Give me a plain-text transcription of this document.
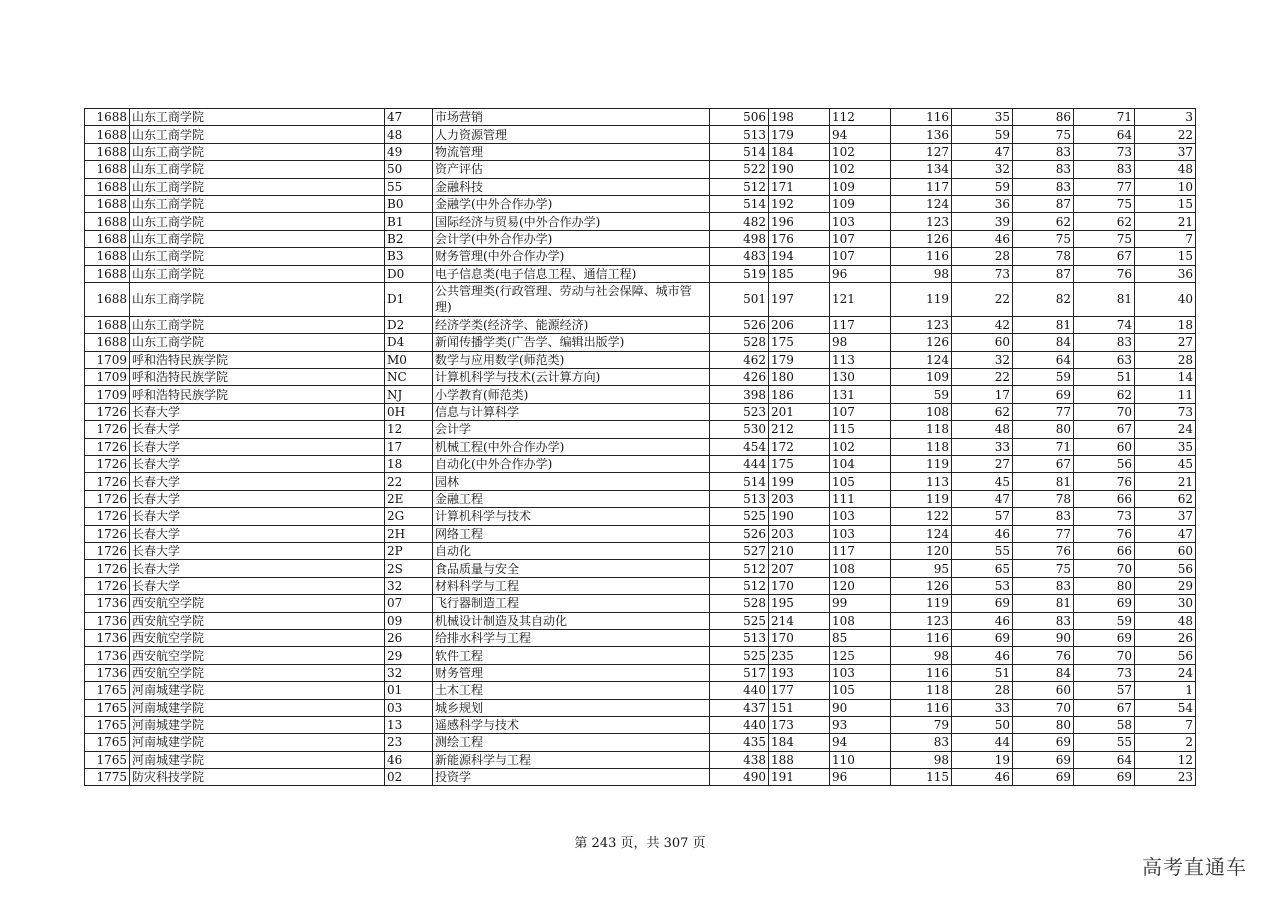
1688	山东工商学院	47	市场营销	506	198	112	116	35	86	71	3
1688	山东工商学院	48	人力资源管理	513	179	94	136	59	75	64	22
1688	山东工商学院	49	物流管理	514	184	102	127	47	83	73	37
1688	山东工商学院	50	资产评估	522	190	102	134	32	83	83	48
1688	山东工商学院	55	金融科技	512	171	109	117	59	83	77	10
1688	山东工商学院	B0	金融学(中外合作办学)	514	192	109	124	36	87	75	15
1688	山东工商学院	B1	国际经济与贸易(中外合作办学)	482	196	103	123	39	62	62	21
1688	山东工商学院	B2	会计学(中外合作办学)	498	176	107	126	46	75	75	7
1688	山东工商学院	B3	财务管理(中外合作办学)	483	194	107	116	28	78	67	15
1688	山东工商学院	D0	电子信息类(电子信息工程、通信工程)	519	185	96	98	73	87	76	36
1688	山东工商学院	D1	公共管理类(行政管理、劳动与社会保障、城市管理)	501	197	121	119	22	82	81	40
1688	山东工商学院	D2	经济学类(经济学、能源经济)	526	206	117	123	42	81	74	18
1688	山东工商学院	D4	新闻传播学类(广告学、编辑出版学)	528	175	98	126	60	84	83	27
1709	呼和浩特民族学院	M0	数学与应用数学(师范类)	462	179	113	124	32	64	63	28
1709	呼和浩特民族学院	NC	计算机科学与技术(云计算方向)	426	180	130	109	22	59	51	14
1709	呼和浩特民族学院	NJ	小学教育(师范类)	398	186	131	59	17	69	62	11
1726	长春大学	0H	信息与计算科学	523	201	107	108	62	77	70	73
1726	长春大学	12	会计学	530	212	115	118	48	80	67	24
1726	长春大学	17	机械工程(中外合作办学)	454	172	102	118	33	71	60	35
1726	长春大学	18	自动化(中外合作办学)	444	175	104	119	27	67	56	45
1726	长春大学	22	园林	514	199	105	113	45	81	76	21
1726	长春大学	2E	金融工程	513	203	111	119	47	78	66	62
1726	长春大学	2G	计算机科学与技术	525	190	103	122	57	83	73	37
1726	长春大学	2H	网络工程	526	203	103	124	46	77	76	47
1726	长春大学	2P	自动化	527	210	117	120	55	76	66	60
1726	长春大学	2S	食品质量与安全	512	207	108	95	65	75	70	56
1726	长春大学	32	材料科学与工程	512	170	120	126	53	83	80	29
1736	西安航空学院	07	飞行器制造工程	528	195	99	119	69	81	69	30
1736	西安航空学院	09	机械设计制造及其自动化	525	214	108	123	46	83	59	48
1736	西安航空学院	26	给排水科学与工程	513	170	85	116	69	90	69	26
1736	西安航空学院	29	软件工程	525	235	125	98	46	76	70	56
1736	西安航空学院	32	财务管理	517	193	103	116	51	84	73	24
1765	河南城建学院	01	土木工程	440	177	105	118	28	60	57	1
1765	河南城建学院	03	城乡规划	437	151	90	116	33	70	67	54
1765	河南城建学院	13	遥感科学与技术	440	173	93	79	50	80	58	7
1765	河南城建学院	23	测绘工程	435	184	94	83	44	69	55	2
1765	河南城建学院	46	新能源科学与工程	438	188	110	98	19	69	64	12
1775	防灾科技学院	02	投资学	490	191	96	115	46	69	69	23
第 243 页，共 307 页
高考直通车
